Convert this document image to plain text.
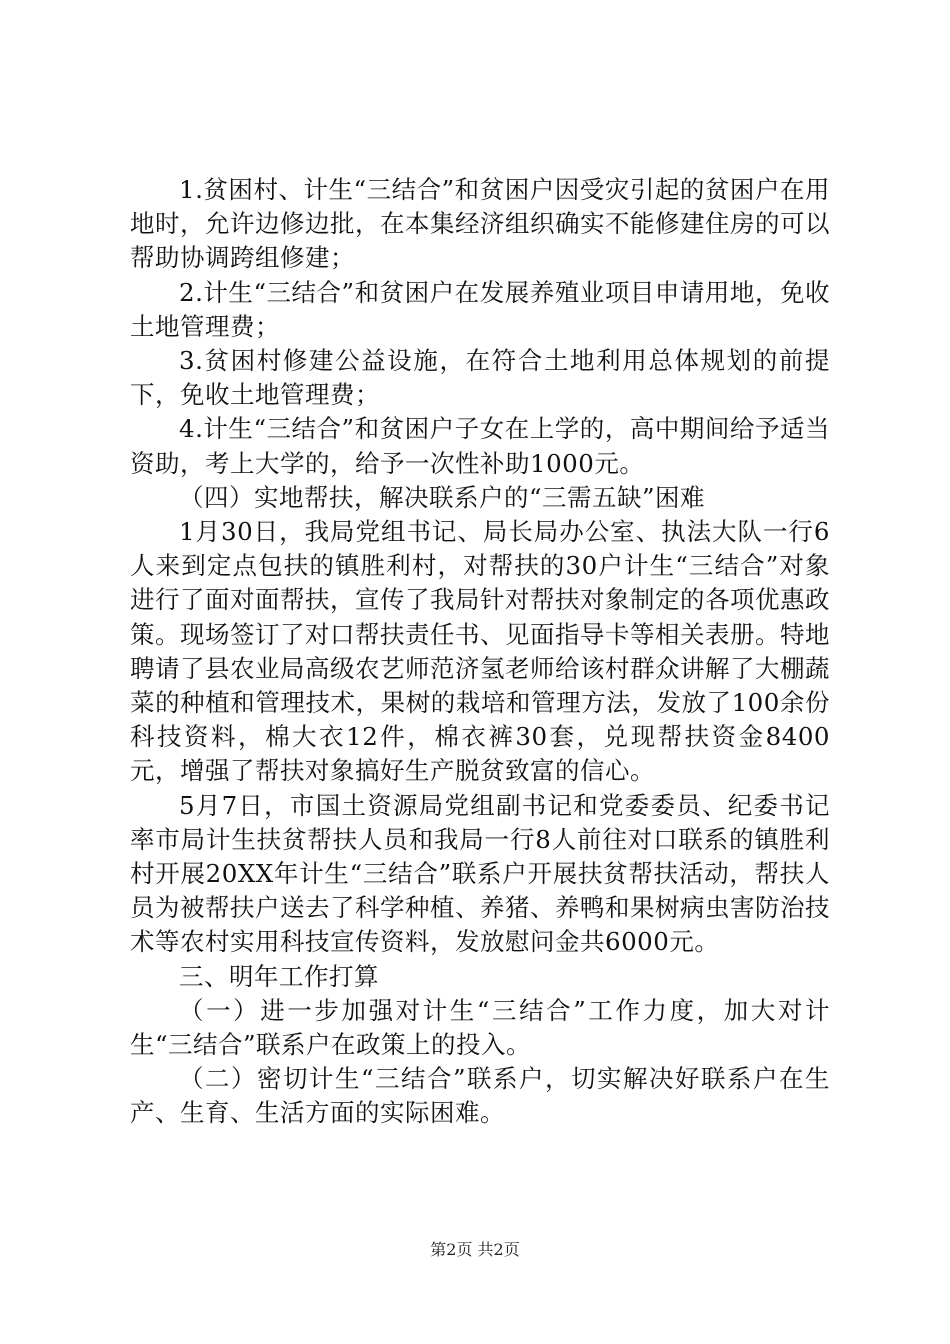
1.贫困村、计生“三结合”和贫困户因受灾引起的贫困户在用地时，允许边修边批，在本集经济组织确实不能修建住房的可以帮助协调跨组修建；

2.计生“三结合”和贫困户在发展养殖业项目申请用地，免收土地管理费；

3.贫困村修建公益设施，在符合土地利用总体规划的前提下，免收土地管理费；

4.计生“三结合”和贫困户子女在上学的，高中期间给予适当资助，考上大学的，给予一次性补助1000元。

（四）实地帮扶，解决联系户的“三需五缺”困难

1月30日，我局党组书记、局长局办公室、执法大队一行6人来到定点包扶的镇胜利村，对帮扶的30户计生“三结合”对象进行了面对面帮扶，宣传了我局针对帮扶对象制定的各项优惠政策。现场签订了对口帮扶责任书、见面指导卡等相关表册。特地聘请了县农业局高级农艺师范济氢老师给该村群众讲解了大棚蔬菜的种植和管理技术，果树的栽培和管理方法，发放了100余份科技资料，棉大衣12件，棉衣裤30套，兑现帮扶资金8400元，增强了帮扶对象搞好生产脱贫致富的信心。

5月7日，市国土资源局党组副书记和党委委员、纪委书记率市局计生扶贫帮扶人员和我局一行8人前往对口联系的镇胜利村开展20XX年计生“三结合”联系户开展扶贫帮扶活动，帮扶人员为被帮扶户送去了科学种植、养猪、养鸭和果树病虫害防治技术等农村实用科技宣传资料，发放慰问金共6000元。

三、明年工作打算

（一）进一步加强对计生“三结合”工作力度，加大对计生“三结合”联系户在政策上的投入。

（二）密切计生“三结合”联系户，切实解决好联系户在生产、生育、生活方面的实际困难。

第2页 共2页
